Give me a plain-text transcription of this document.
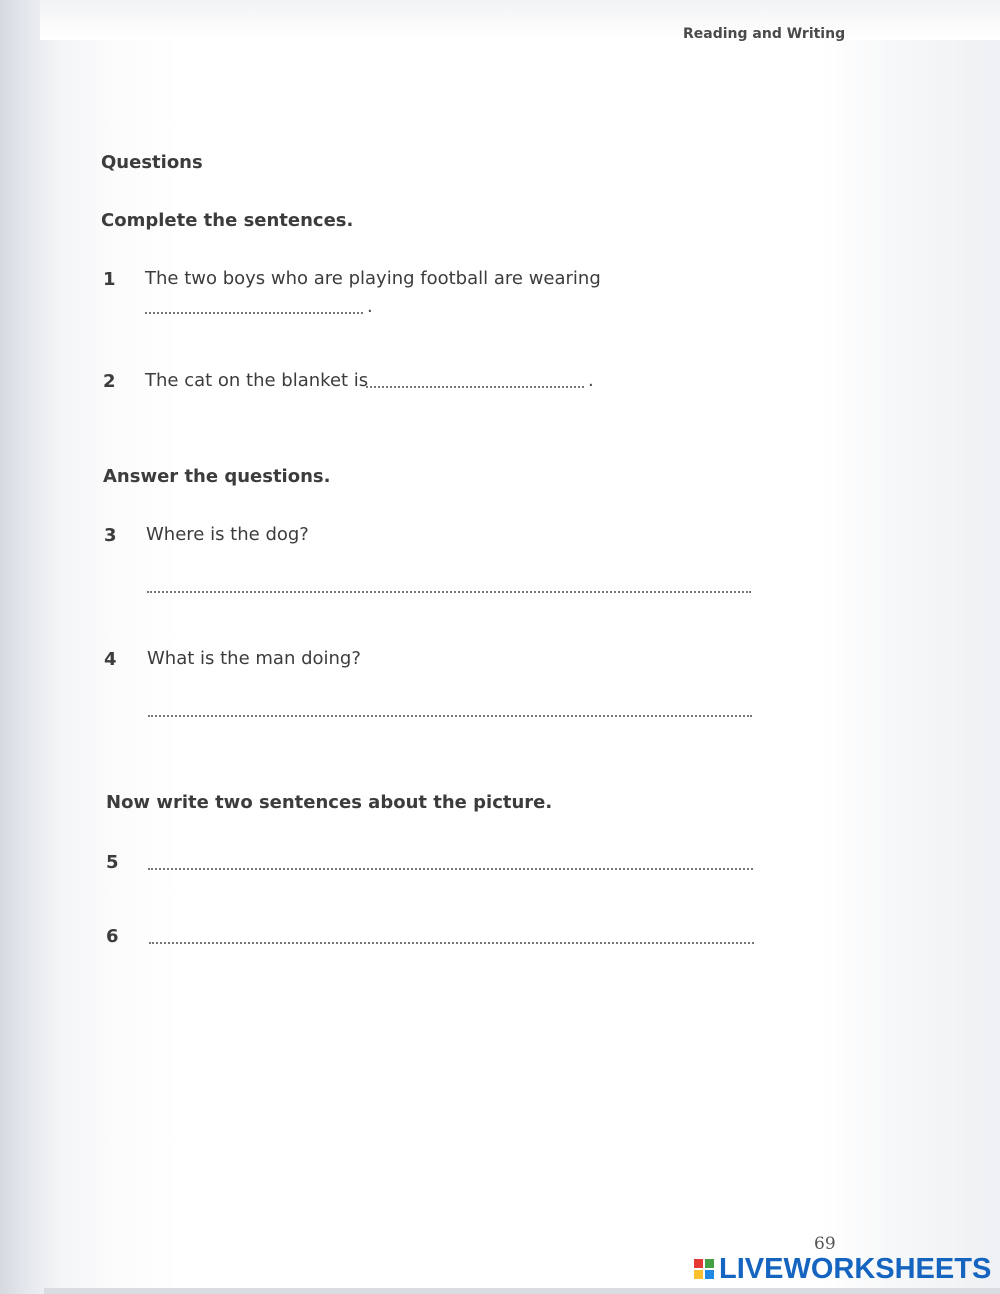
Reading and Writing
Questions
Complete the sentences.
1 The two boys who are playing football are wearing
.
2 The cat on the blanket is	.
Answer the questions.
3 Where is the dog?
4 What is the man doing?
Now write two sentences about the picture.
5
6
69
LIVEWORKSHEETS
